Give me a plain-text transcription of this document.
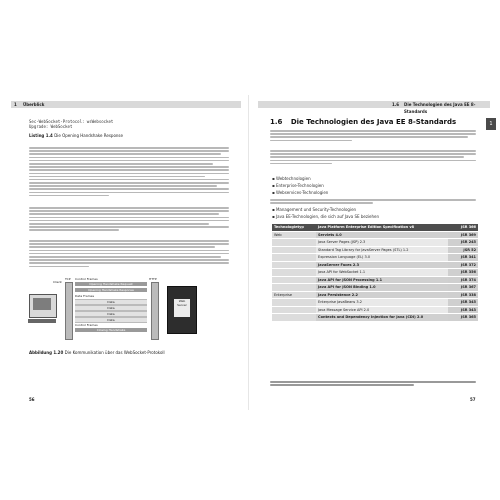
1 Überblick
Sec-WebSocket-Protocol: wsWebsocket
Upgrade: WebSocket
Listing 1.4 Die Opening Handshake Response
Client
TCP Control Frames
Opening Handshake Request
Opening Handshake Response
Data Frames
Data
Data
Data
Data
Control Frames
Closing Handshake
HTTP
Web Server
Abbildung 1.20 Die Kommunikation über das WebSocket-Protokoll
56
1.6 Die Technologien des Java EE 8-Standards
1.6 Die Technologien des Java EE 8-Standards
▪ Webtechnologien
▪ Enterprise-Technologien
▪ Webservices-Technologien
▪ Management und Security-Technologien
▪ Java EE-Technologien, die sich auf Java SE beziehen
Technologietyp	Java Platform Enterprise Edition Specification v8	JSR 366
Web	Servlets 4.0	JSR 369
	Java Server Pages (JSP) 2.3	JSR 245
	Standard Tag Library for JavaServer Pages (STL) 1.2	JSR 52
	Expression Language (EL) 3.0	JSR 341
	JavaServer Faces 2.3	JSR 372
	Java API for WebSocket 1.1	JSR 356
	Java API for JSON Processing 1.1	JSR 374
	Java API for JSON Binding 1.0	JSR 367
Enterprise	Java Persistence 2.2	JSR 338
	Enterprise JavaBeans 3.2	JSR 345
	Java Message Service API 2.0	JSR 343
	Contexts and Dependency Injection for Java (CDI) 2.0	JSR 365
57
1
